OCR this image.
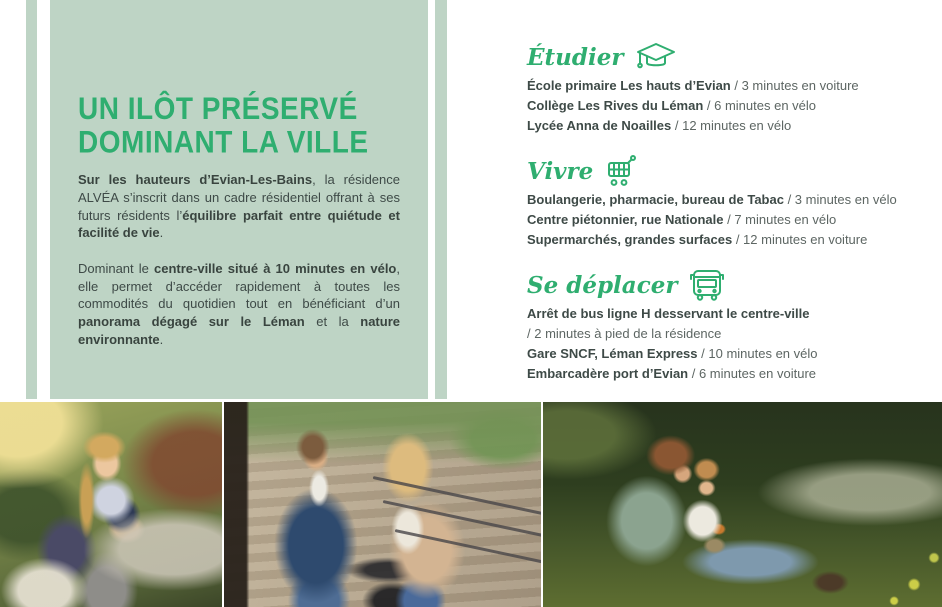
UN ILÔT PRÉSERVÉ
DOMINANT LA VILLE

Sur les hauteurs d’Evian-Les-Bains, la résidence ALVÉA s’inscrit dans un cadre résidentiel offrant à ses futurs résidents l’équilibre parfait entre quiétude et facilité de vie.

Dominant le centre-ville situé à 10 minutes en vélo, elle permet d’accéder rapidement à toutes les commodités du quotidien tout en bénéficiant d’un panorama dégagé sur le Léman et la nature environnante.

Étudier
École primaire Les hauts d’Evian / 3 minutes en voiture
Collège Les Rives du Léman / 6 minutes en vélo
Lycée Anna de Noailles / 12 minutes en vélo
Vivre
Boulangerie, pharmacie, bureau de Tabac / 3 minutes en vélo
Centre piétonnier, rue Nationale / 7 minutes en vélo
Supermarchés, grandes surfaces / 12 minutes en voiture
Se déplacer
Arrêt de bus ligne H desservant le centre-ville
/ 2 minutes à pied de la résidence
Gare SNCF, Léman Express / 10 minutes en vélo
Embarcadère port d’Evian / 6 minutes en voiture
